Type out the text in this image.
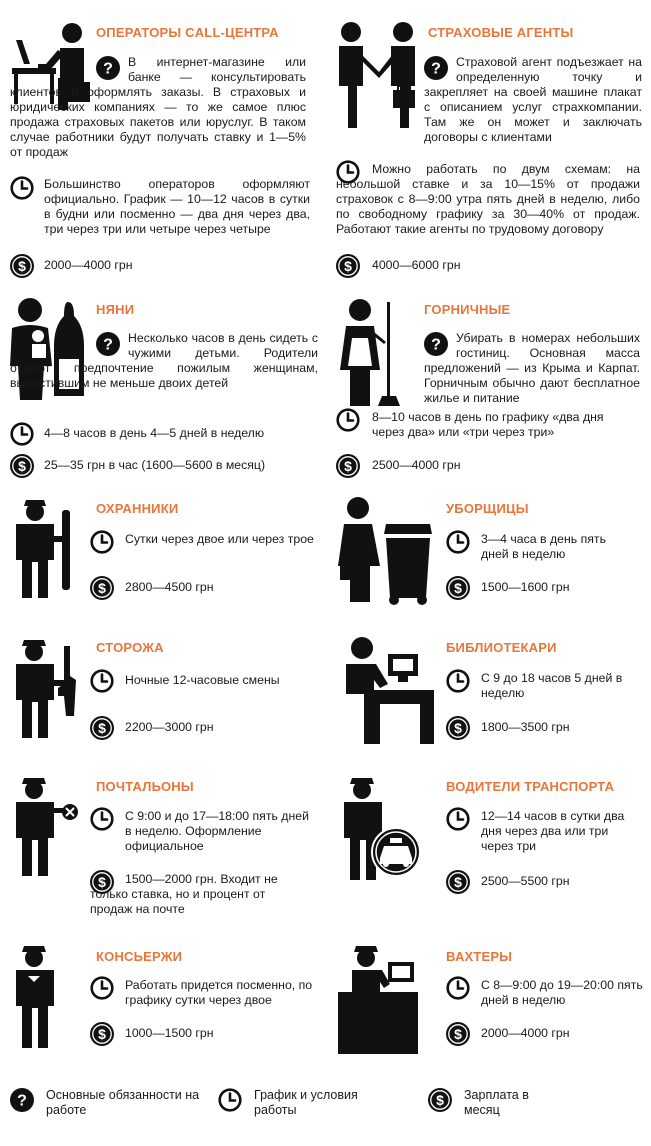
ОПЕРАТОРЫ CALL-ЦЕНТРА
В интернет-магазине или банке — консультировать клиентов и оформлять заказы. В страховых и юридических компаниях — то же самое плюс продажа страховых пакетов или юруслуг. В таком случае работники будут получать ставку и 1—5% от продаж
Большинство операторов оформляют официально. График — 10—12 часов в сутки в будни или посменно — два дня через два, три через три или четыре через четыре
2000—4000 грн
СТРАХОВЫЕ АГЕНТЫ
Страховой агент подъезжает на определенную точку и закрепляет на своей машине плакат с описанием услуг страхкомпании. Там же он может и заключать договоры с клиентами
Можно работать по двум схемам: на небольшой ставке и за 10—15% от продажи страховок с 8—9:00 утра пять дней в неделю, либо по свободному графику за 30—40% от продаж. Работают такие агенты по трудовому договору
4000—6000 грн
НЯНИ
Несколько часов в день сидеть с чужими детьми. Родители отдают предпочтение пожилым женщинам, вырастившим не меньше двоих детей
4—8 часов в день 4—5 дней в неделю
25—35 грн в час (1600—5600 в месяц)
ГОРНИЧНЫЕ
Убирать в номерах небольших гостиниц. Основная масса предложений — из Крыма и Карпат. Горничным обычно дают бесплатное жилье и питание
8—10 часов в день по графику «два дня через два» или «три через три»
2500—4000 грн
ОХРАННИКИ
Сутки через двое или через трое
2800—4500 грн
УБОРЩИЦЫ
3—4 часа в день пять дней в неделю
1500—1600 грн
СТОРОЖА
Ночные 12-часовые смены
2200—3000 грн
БИБЛИОТЕКАРИ
С 9 до 18 часов 5 дней в неделю
1800—3500 грн
ПОЧТАЛЬОНЫ
С 9:00 и до 17—18:00 пять дней в неделю. Оформление официальное
1500—2000 грн. Входит не только ставка, но и процент от продаж на почте
ВОДИТЕЛИ ТРАНСПОРТА
12—14 часов в сутки два дня через два или три через три
2500—5500 грн
КОНСЬЕРЖИ
Работать придется посменно, по графику сутки через двое
1000—1500 грн
ВАХТЕРЫ
С 8—9:00 до 19—20:00 пять дней в неделю
2000—4000 грн
Основные обязанности на работе
График и условия работы
Зарплата в месяц
